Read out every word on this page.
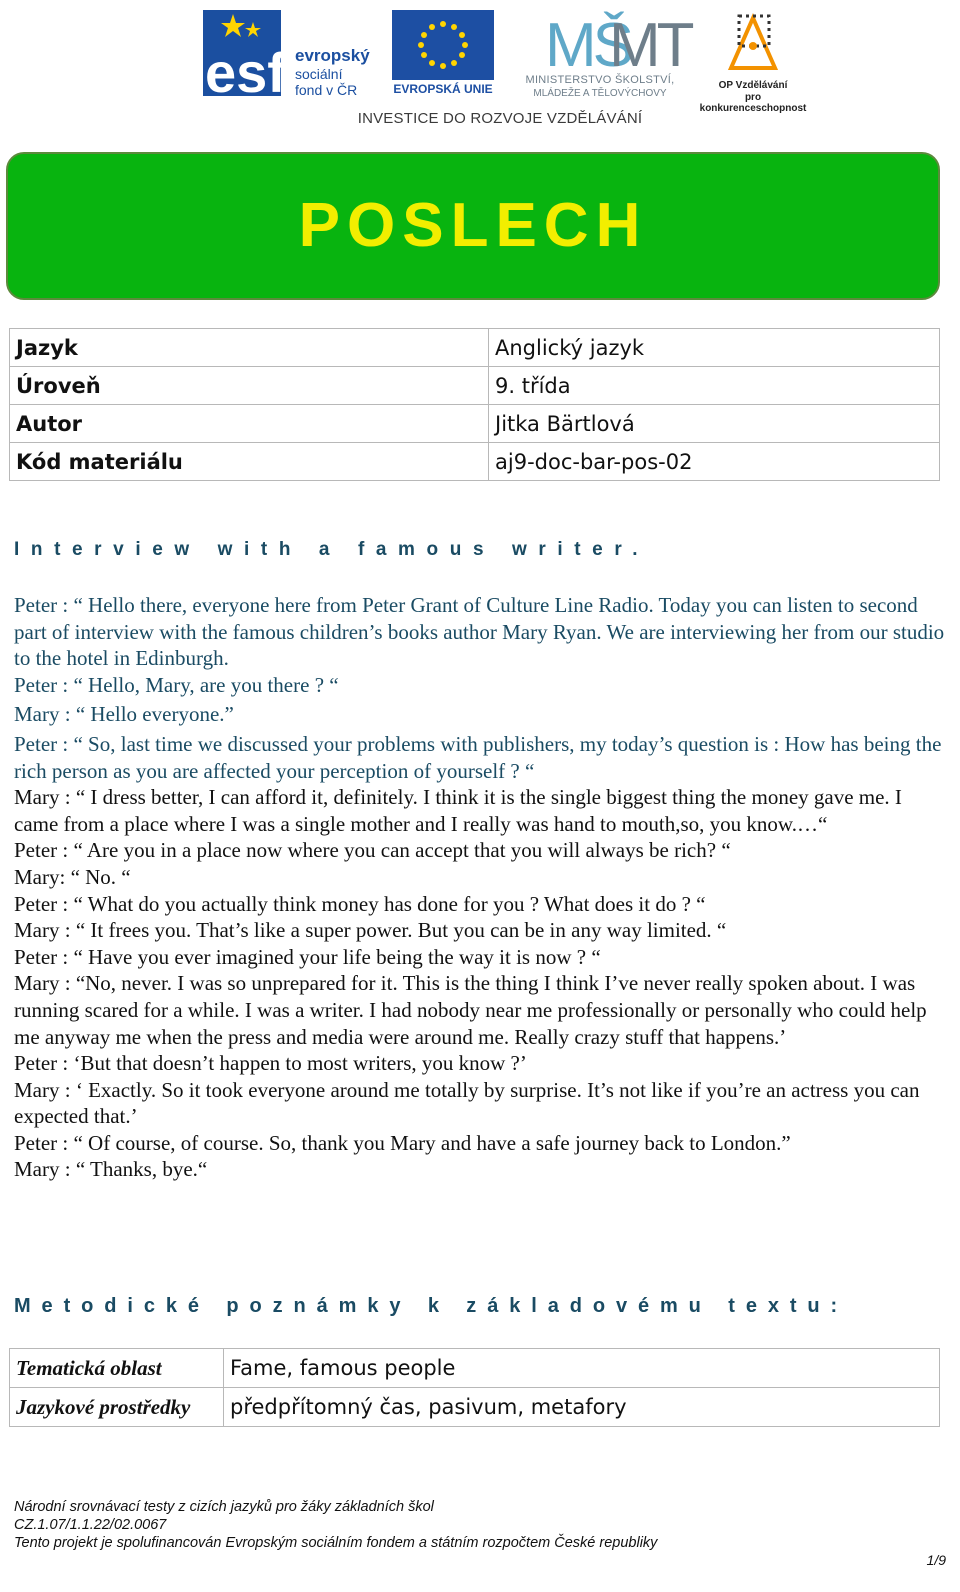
esf evropský
sociální
fond v ČR	EVROPSKÁ UNIE
MŠ
MT
MINISTERSTVO ŠKOLSTVÍ,
MLÁDEŽE A TĚLOVÝCHOVY
OP Vzdělávání
pro konkurenceschopnost
INVESTICE DO ROZVOJE VZDĚLÁVÁNÍ
POSLECH
Jazyk	Anglický jazyk
Úroveň	9. třída
Autor	Jitka Bärtlová
Kód materiálu	aj9-doc-bar-pos-02
Interview with a famous writer.

Peter : “ Hello there, everyone here from Peter Grant of Culture Line Radio. Today you can listen to second part of interview with the famous children’s books author Mary Ryan. We are interviewing her from our studio to the hotel in Edinburgh.

Peter : “ Hello, Mary, are you there ? “

Mary : “ Hello everyone.”

Peter : “ So, last time we discussed your problems with publishers, my today’s question is : How has being the rich person as you are affected your perception of yourself ? “

Mary : “ I dress better, I can afford it, definitely. I think it is the single biggest thing the money gave me. I came from a place where I was a single mother and I really was hand to mouth,so, you know.…“

Peter : “ Are you in a place now where you can accept that you will always be rich? “

Mary: “ No. “

Peter : “ What do you actually think money has done for you ? What does it do ? “

Mary : “ It frees you. That’s like a super power. But you can be in any way limited. “

Peter : “ Have you ever imagined your life being the way it is now ? “

Mary : “No, never. I was so unprepared for it. This is the thing I think I’ve never really spoken about. I was running scared for a while. I was a writer. I had nobody near me professionally or personally who could help me anyway me when the press and media were around me. Really crazy stuff that happens.’

Peter : ‘But that doesn’t happen to most writers, you know ?’

Mary : ‘ Exactly. So it took everyone around me totally by surprise. It’s not like if you’re an actress you can expected that.’

Peter : “ Of course, of course. So, thank you Mary and have a safe journey back to London.”

Mary : “ Thanks, bye.“

Metodické poznámky k základovému textu:
Tematická oblast	Fame, famous people
Jazykové prostředky	předpřítomný čas, pasivum, metafory
Národní srovnávací testy z cizích jazyků pro žáky základních škol
CZ.1.07/1.1.22/02.0067
Tento projekt je spolufinancován Evropským sociálním fondem a státním rozpočtem České republiky
1/9
